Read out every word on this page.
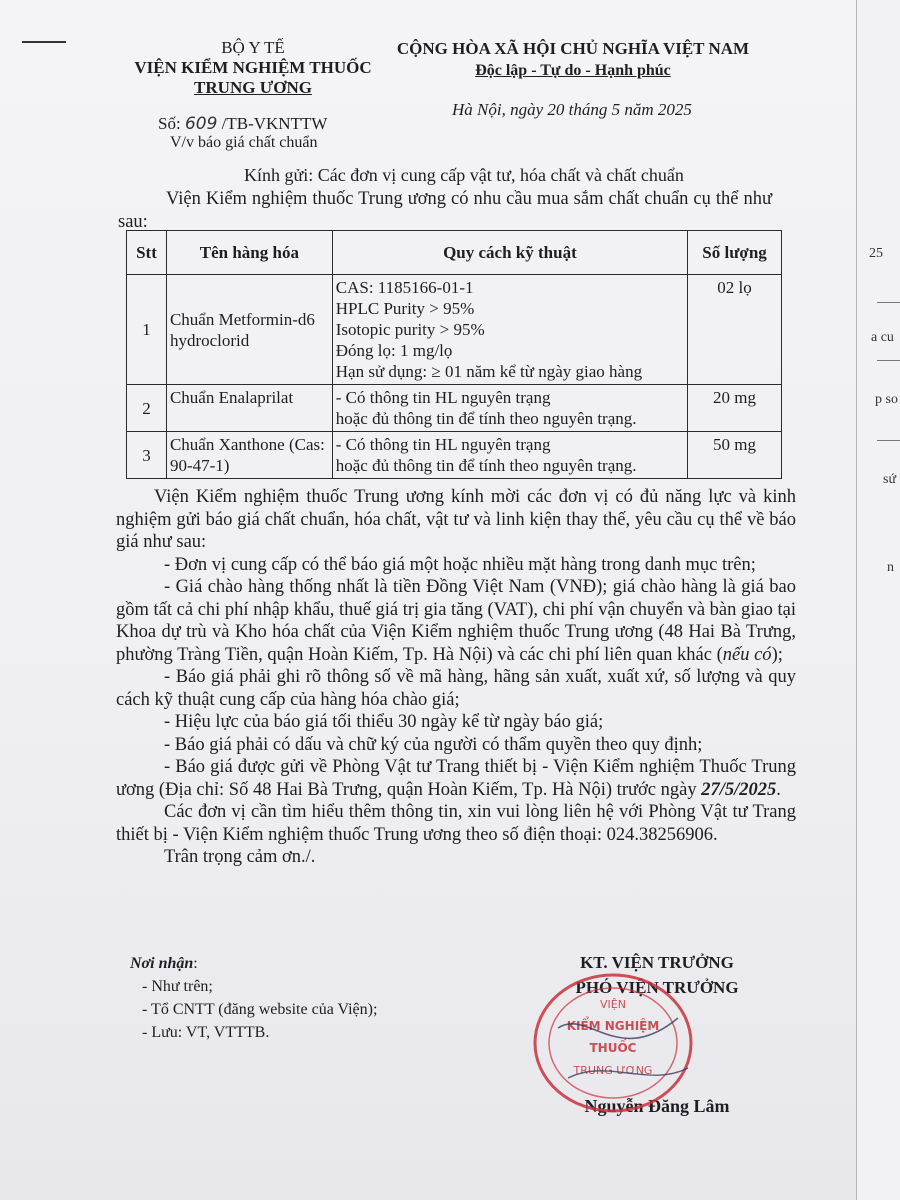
BỘ Y TẾ
VIỆN KIỂM NGHIỆM THUỐC
TRUNG ƯƠNG
CỘNG HÒA XÃ HỘI CHỦ NGHĨA VIỆT NAM
Độc lập - Tự do - Hạnh phúc
Số: 609 /TB-VKNTTW
V/v báo giá chất chuẩn
Hà Nội, ngày 20 tháng 5 năm 2025
Kính gửi: Các đơn vị cung cấp vật tư, hóa chất và chất chuẩn

Viện Kiểm nghiệm thuốc Trung ương có nhu cầu mua sắm chất chuẩn cụ thể như sau:

Stt	Tên hàng hóa	Quy cách kỹ thuật	Số lượng
1	Chuẩn Metformin-d6 hydroclorid	CAS: 1185166-01-1
HPLC Purity > 95%
Isotopic purity > 95%
Đóng lọ: 1 mg/lọ
Hạn sử dụng: ≥ 01 năm kể từ ngày giao hàng	02 lọ
2	Chuẩn Enalaprilat	- Có thông tin HL nguyên trạng
hoặc đủ thông tin để tính theo nguyên trạng.	20 mg
3	Chuẩn Xanthone (Cas: 90-47-1)	- Có thông tin HL nguyên trạng
hoặc đủ thông tin để tính theo nguyên trạng.	50 mg

Viện Kiểm nghiệm thuốc Trung ương kính mời các đơn vị có đủ năng lực và kinh nghiệm gửi báo giá chất chuẩn, hóa chất, vật tư và linh kiện thay thế, yêu cầu cụ thể về báo giá như sau:

- Đơn vị cung cấp có thể báo giá một hoặc nhiều mặt hàng trong danh mục trên;

- Giá chào hàng thống nhất là tiền Đồng Việt Nam (VNĐ); giá chào hàng là giá bao gồm tất cả chi phí nhập khẩu, thuế giá trị gia tăng (VAT), chi phí vận chuyển và bàn giao tại Khoa dự trù và Kho hóa chất của Viện Kiểm nghiệm thuốc Trung ương (48 Hai Bà Trưng, phường Tràng Tiền, quận Hoàn Kiếm, Tp. Hà Nội) và các chi phí liên quan khác (nếu có);

- Báo giá phải ghi rõ thông số về mã hàng, hãng sản xuất, xuất xứ, số lượng và quy cách kỹ thuật cung cấp của hàng hóa chào giá;

- Hiệu lực của báo giá tối thiểu 30 ngày kể từ ngày báo giá;

- Báo giá phải có dấu và chữ ký của người có thẩm quyền theo quy định;

- Báo giá được gửi về Phòng Vật tư Trang thiết bị - Viện Kiểm nghiệm Thuốc Trung ương (Địa chỉ: Số 48 Hai Bà Trưng, quận Hoàn Kiếm, Tp. Hà Nội) trước ngày 27/5/2025.

Các đơn vị cần tìm hiểu thêm thông tin, xin vui lòng liên hệ với Phòng Vật tư Trang thiết bị - Viện Kiểm nghiệm thuốc Trung ương theo số điện thoại: 024.38256906.

Trân trọng cảm ơn./.

Nơi nhận:
- Như trên;
- Tổ CNTT (đăng website của Viện);
- Lưu: VT, VTTTB.
KT. VIỆN TRƯỞNG
PHÓ VIỆN TRƯỞNG
Nguyễn Đăng Lâm
VIỆN
KIỂM NGHIỆM
THUỐC
TRUNG ƯƠNG
25
a cu
p so
sứ
n
